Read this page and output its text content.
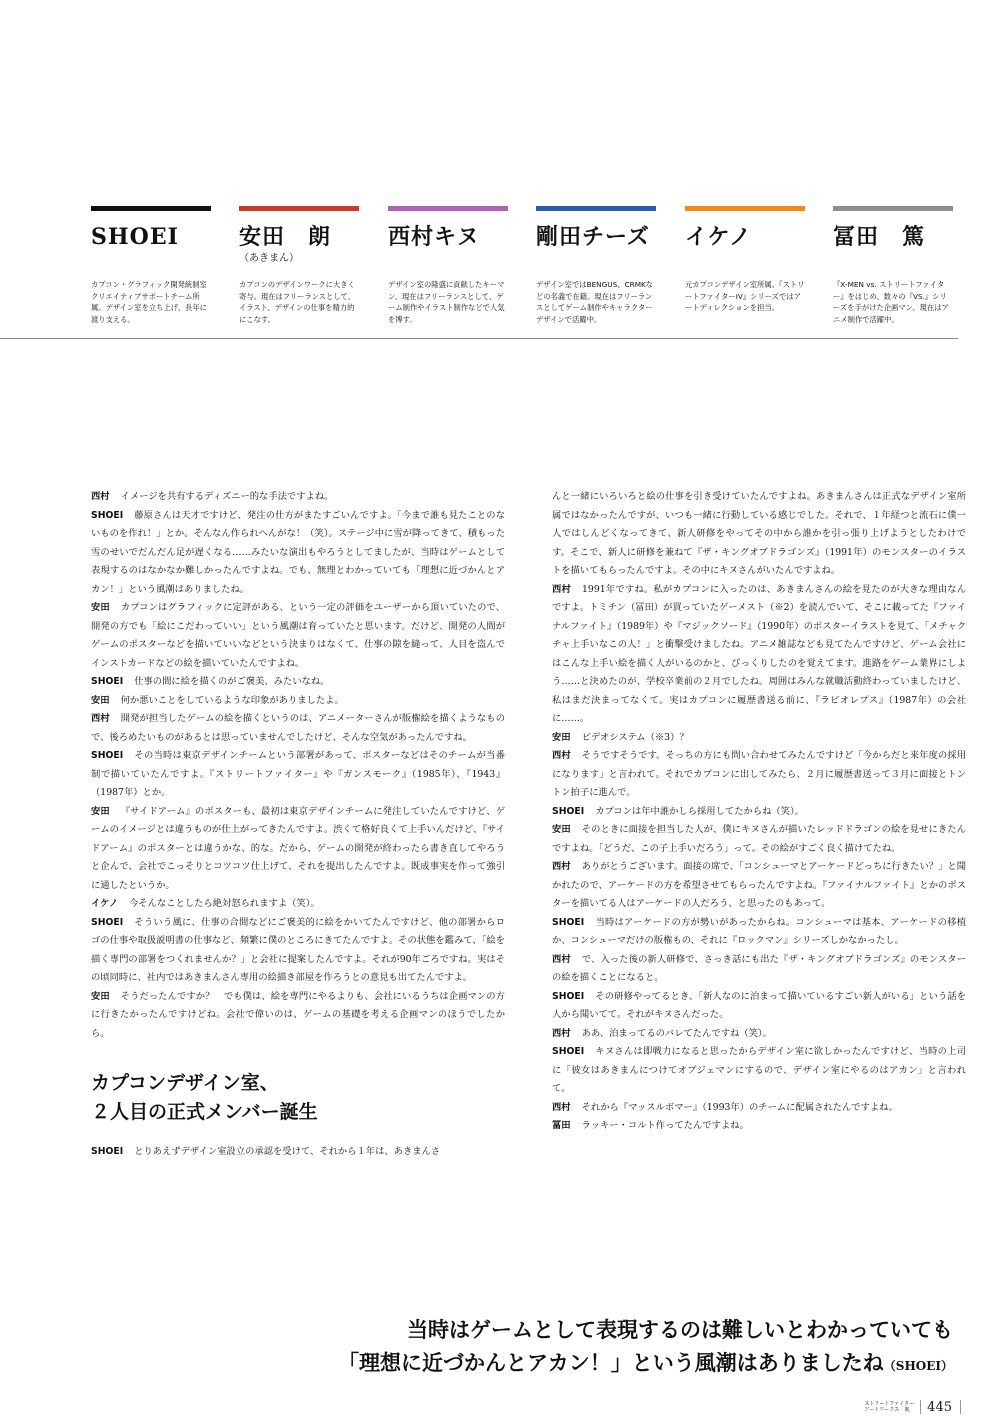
SHOEI
カプコン・グラフィック開発統制室 クリエイティブサポートチーム所属。デザイン室を立ち上げ、長年に渡り支える。
安田　朗
（あきまん）
カプコンのデザインワークに大きく寄与。現在はフリーランスとして、イラスト、デザインの仕事を精力的にこなす。
西村キヌ
デザイン室の隆盛に貢献したキーマン。現在はフリーランスとして、ゲーム制作やイラスト制作などで人気を博す。
剛田チーズ
デザイン室ではBENGUS、CRMKなどの名義で在籍。現在はフリーランスとしてゲーム制作やキャラクターデザインで活躍中。
イケノ
元カプコンデザイン室所属。『ストリートファイターIV』シリーズではアートディレクションを担当。
冨田　篤
『X-MEN vs. ストリートファイター』をはじめ、数々の『VS.』シリーズを手がけた企画マン。現在はアニメ制作で活躍中。

西村 イメージを共有するディズニー的な手法ですよね。

SHOEI 藤原さんは天才ですけど、発注の仕方がまたすごいんですよ。「今まで誰も見たことのないものを作れ！」とか。そんなん作られへんがな！（笑）。ステージ中に雪が降ってきて、積もった雪のせいでだんだん足が遅くなる……みたいな演出もやろうとしてましたが、当時はゲームとして表現するのはなかなか難しかったんですよね。でも、無理とわかっていても「理想に近づかんとアカン！」という風潮はありましたね。

安田 カプコンはグラフィックに定評がある、という一定の評価をユーザーから頂いていたので、開発の方でも「絵にこだわっていい」という風潮は育っていたと思います。だけど、開発の人間がゲームのポスターなどを描いていいなどという決まりはなくて、仕事の隙を縫って、人目を盗んでインストカードなどの絵を描いていたんですよね。

SHOEI 仕事の間に絵を描くのがご褒美、みたいなね。

安田 何か悪いことをしているような印象がありましたよ。

西村 開発が担当したゲームの絵を描くというのは、アニメーターさんが版権絵を描くようなもので、後ろめたいものがあるとは思っていませんでしたけど、そんな空気があったんですね。

SHOEI その当時は東京デザインチームという部署があって、ポスターなどはそのチームが当番制で描いていたんですよ。『ストリートファイター』や『ガンスモーク』（1985年）、『1943』（1987年）とか。

安田 『サイドアーム』のポスターも、最初は東京デザインチームに発注していたんですけど、ゲームのイメージとは違うものが仕上がってきたんですよ。渋くて格好良くて上手いんだけど、『サイドアーム』のポスターとは違うかな、的な。だから、ゲームの開発が終わったら書き直してやろうと企んで、会社でこっそりとコツコツ仕上げて、それを提出したんですよ。既成事実を作って強引に通したというか。

イケノ 今そんなことしたら絶対怒られますよ（笑）。

SHOEI そういう風に、仕事の合間などにご褒美的に絵をかいてたんですけど、他の部署からロゴの仕事や取扱説明書の仕事など、頻繁に僕のところにきてたんですよ。その状態を鑑みて、「絵を描く専門の部署をつくれませんか？」と会社に提案したんですよ。それが90年ごろですね。実はその頃同時に、社内ではあきまんさん専用の絵描き部屋を作ろうとの意見も出てたんですよ。

安田 そうだったんですか？　でも僕は、絵を専門にやるよりも、会社にいるうちは企画マンの方に行きたかったんですけどね。会社で偉いのは、ゲームの基礎を考える企画マンのほうでしたから。

カプコンデザイン室、
２人目の正式メンバー誕生

SHOEI とりあえずデザイン室設立の承認を受けて、それから１年は、あきまんさ

んと一緒にいろいろと絵の仕事を引き受けていたんですよね。あきまんさんは正式なデザイン室所属ではなかったんですが、いつも一緒に行動している感じでした。それで、１年経つと流石に僕一人ではしんどくなってきて、新人研修をやってその中から誰かを引っ張り上げようとしたわけです。そこで、新人に研修を兼ねて『ザ・キングオブドラゴンズ』（1991年）のモンスターのイラストを描いてもらったんですよ。その中にキヌさんがいたんですよね。

西村 1991年ですね。私がカプコンに入ったのは、あきまんさんの絵を見たのが大きな理由なんですよ。トミチン（冨田）が買っていたゲーメスト（※2）を読んでいて、そこに載ってた『ファイナルファイト』（1989年）や『マジックソード』（1990年）のポスターイラストを見て、「メチャクチャ上手いなこの人！」と衝撃受けましたね。アニメ雑誌なども見てたんですけど、ゲーム会社にはこんな上手い絵を描く人がいるのかと、びっくりしたのを覚えてます。進路をゲーム業界にしよう……と決めたのが、学校卒業前の２月でしたね。周囲はみんな就職活動終わっていましたけど、私はまだ決まってなくて。実はカプコンに履歴書送る前に、『ラビオレプス』（1987年）の会社に……。

安田 ビデオシステム（※3）？

西村 そうですそうです。そっちの方にも問い合わせてみたんですけど「今からだと来年度の採用になります」と言われて。それでカプコンに出してみたら、２月に履歴書送って３月に面接とトントン拍子に進んで。

SHOEI カプコンは年中誰かしら採用してたからね（笑）。

安田 そのときに面接を担当した人が、僕にキヌさんが描いたレッドドラゴンの絵を見せにきたんですよね。「どうだ、この子上手いだろう」って。その絵がすごく良く描けてたね。

西村 ありがとうございます。面接の席で、「コンシューマとアーケードどっちに行きたい？」と聞かれたので、アーケードの方を希望させてもらったんですよね。『ファイナルファイト』とかのポスターを描いてる人はアーケードの人だろう、と思ったのもあって。

SHOEI 当時はアーケードの方が勢いがあったからね。コンシューマは基本、アーケードの移植か、コンシューマだけの版権もの、それに『ロックマン』シリーズしかなかったし。

西村 で、入った後の新人研修で、さっき話にも出た『ザ・キングオブドラゴンズ』のモンスターの絵を描くことになると。

SHOEI その研修やってるとき、「新人なのに泊まって描いているすごい新人がいる」という話を人から聞いてて。それがキヌさんだった。

西村 ああ、泊まってるのバレてたんですね（笑）。

SHOEI キヌさんは即戦力になると思ったからデザイン室に欲しかったんですけど、当時の上司に「彼女はあきまんにつけてオブジェマンにするので、デザイン室にやるのはアカン」と言われて。

西村 それから『マッスルボマー』（1993年）のチームに配属されたんですよね。

冨田 ラッキー・コルト作ってたんですよね。

当時はゲームとして表現するのは難しいとわかっていても
「理想に近づかんとアカン！」という風潮はありましたね（SHOEI）
ストリートファイター
アートワークス　裏	445
